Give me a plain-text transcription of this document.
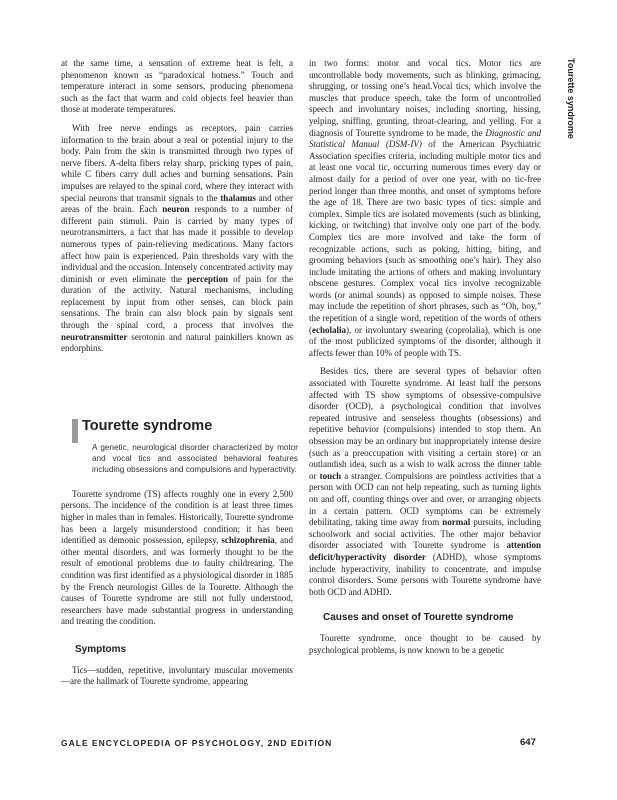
Tourette syndrome

at the same time, a sensation of extreme heat is felt, a phenomenon known as “paradoxical hotness.” Touch and temperature interact in some sensors, producing phenomena such as the fact that warm and cold objects feel heavier than those at moderate temperatures.

With free nerve endings as receptors, pain carries information to the brain about a real or potential injury to the body. Pain from the skin is transmitted through two types of nerve fibers. A-delta fibers relay sharp, pricking types of pain, while C fibers carry dull aches and burning sensations. Pain impulses are relayed to the spinal cord, where they interact with special neurons that transmit signals to the thalamus and other areas of the brain. Each neuron responds to a number of different pain stimuli. Pain is carried by many types of neurotransmitters, a fact that has made it possible to develop numerous types of pain-relieving medications. Many factors affect how pain is experienced. Pain thresholds vary with the individual and the occasion. Intensely concentrated activity may diminish or even eliminate the perception of pain for the duration of the activity. Natural mechanisms, including replacement by input from other senses, can block pain sensations. The brain can also block pain by signals sent through the spinal cord, a process that involves the neurotransmitter serotonin and natural painkillers known as endorphins.

Tourette syndrome (TS) affects roughly one in every 2,500 persons. The incidence of the condition is at least three times higher in males than in females. Historically, Tourette syndrome has been a largely misunderstood condition; it has been identified as demonic possession, epilepsy, schizophrenia, and other mental disorders, and was formerly thought to be the result of emotional problems due to faulty childrearing. The condition was first identified as a physiological disorder in 1885 by the French neurologist Gilles de la Tourette. Although the causes of Tourette syndrome are still not fully understood, researchers have made substantial progress in understanding and treating the condition.

Symptoms

Tics—sudden, repetitive, involuntary muscular movements—are the hallmark of Tourette syndrome, appearing

Tourette syndrome

A genetic, neurological disorder characterized by motor and vocal tics and associated behavioral features including obsessions and compulsions and hyperactivity.

in two forms: motor and vocal tics. Motor tics are uncontrollable body movements, such as blinking, grimacing, shrugging, or tossing one’s head.Vocal tics, which involve the muscles that produce speech, take the form of uncontrolled speech and involuntary noises, including snorting, hissing, yelping, sniffing, grunting, throat-clearing, and yelling. For a diagnosis of Tourette syndrome to be made, the Diagnostic and Statistical Manual (DSM-IV) of the American Psychiatric Association specifies criteria, including multiple motor tics and at least one vocal tic, occurring numerous times every day or almost daily for a period of over one year, with no tic-free period longer than three months, and onset of symptoms before the age of 18. There are two basic types of tics: simple and complex. Simple tics are isolated movements (such as blinking, kicking, or twitching) that involve only one part of the body. Complex tics are more involved and take the form of recognizable actions, such as poking, hitting, biting, and grooming behaviors (such as smoothing one’s hair). They also include imitating the actions of others and making involuntary obscene gestures. Complex vocal tics involve recognizable words (or animal sounds) as opposed to simple noises. These may include the repetition of short phrases, such as “Oh, boy,” the repetition of a single word, repetition of the words of others (echolalia), or involuntary swearing (coprolalia), which is one of the most publicized symptoms of the disorder, although it affects fewer than 10% of people with TS.

Besides tics, there are several types of behavior often associated with Tourette syndrome. At least half the persons affected with TS show symptoms of obsessive-compulsive disorder (OCD), a psychological condition that involves repeated intrusive and senseless thoughts (obsessions) and repetitive behavior (compulsions) intended to stop them. An obsession may be an ordinary but inappropriately intense desire (such as a preoccupation with visiting a certain store) or an outlandish idea, such as a wish to walk across the dinner table or touch a stranger. Compulsions are pointless activities that a person with OCD can not help repeating, such as turning lights on and off, counting things over and over, or arranging objects in a certain pattern. OCD symptoms can be extremely debilitating, taking time away from normal pursuits, including schoolwork and social activities. The other major behavior disorder associated with Tourette syndrome is attention deficit/hyperactivity disorder (ADHD), whose symptoms include hyperactivity, inability to concentrate, and impulse control disorders. Some persons with Tourette syndrome have both OCD and ADHD.

Causes and onset of Tourette syndrome

Tourette syndrome, once thought to be caused by psychological problems, is now known to be a genetic

GALE ENCYCLOPEDIA OF PSYCHOLOGY, 2ND EDITION	647
